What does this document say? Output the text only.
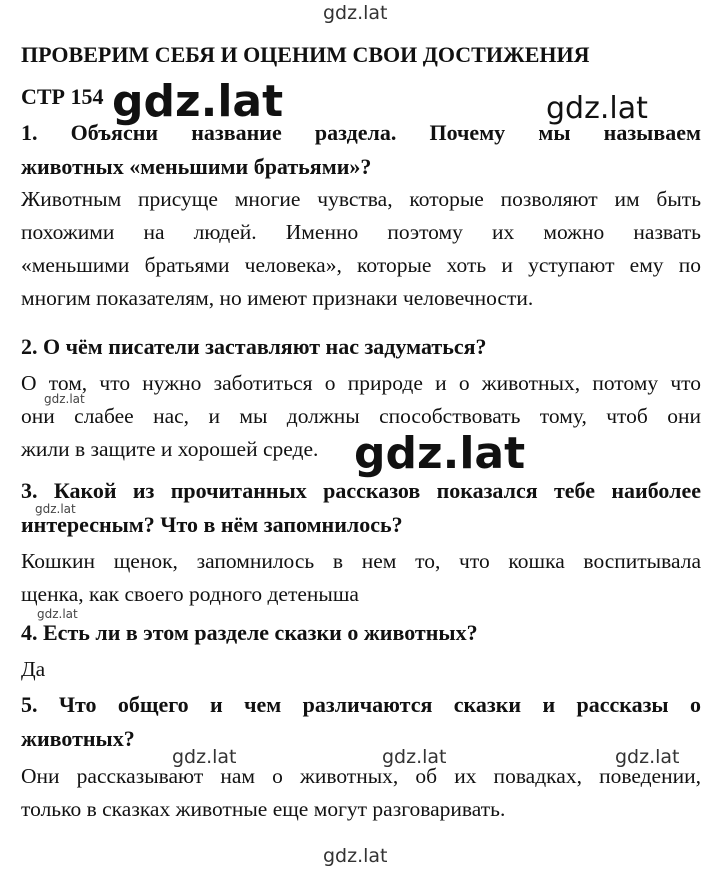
ПРОВЕРИМ СЕБЯ И ОЦЕНИМ СВОИ ДОСТИЖЕНИЯ
СТР 154
1. Объясни название раздела. Почему мы называем
животных «меньшими братьями»?
Животным присуще многие чувства, которые позволяют им быть
похожими на людей. Именно поэтому их можно назвать
«меньшими братьями человека», которые хоть и уступают ему по
многим показателям, но имеют признаки человечности.
2. О чём писатели заставляют нас задуматься?
О том, что нужно заботиться о природе и о животных, потому что
они слабее нас, и мы должны способствовать тому, чтоб они
жили в защите и хорошей среде.
3. Какой из прочитанных рассказов показался тебе наиболее
интересным? Что в нём запомнилось?
Кошкин щенок, запомнилось в нем то, что кошка воспитывала
щенка, как своего родного детеныша
4. Есть ли в этом разделе сказки о животных?
Да
5. Что общего и чем различаются сказки и рассказы о
животных?
Они рассказывают нам о животных, об их повадках, поведении,
только в сказках животные еще могут разговаривать.
gdz.lat
gdz.lat	gdz.lat
gdz.lat
gdz.lat
gdz.lat
gdz.lat
gdz.lat	gdz.lat	gdz.lat
gdz.lat
